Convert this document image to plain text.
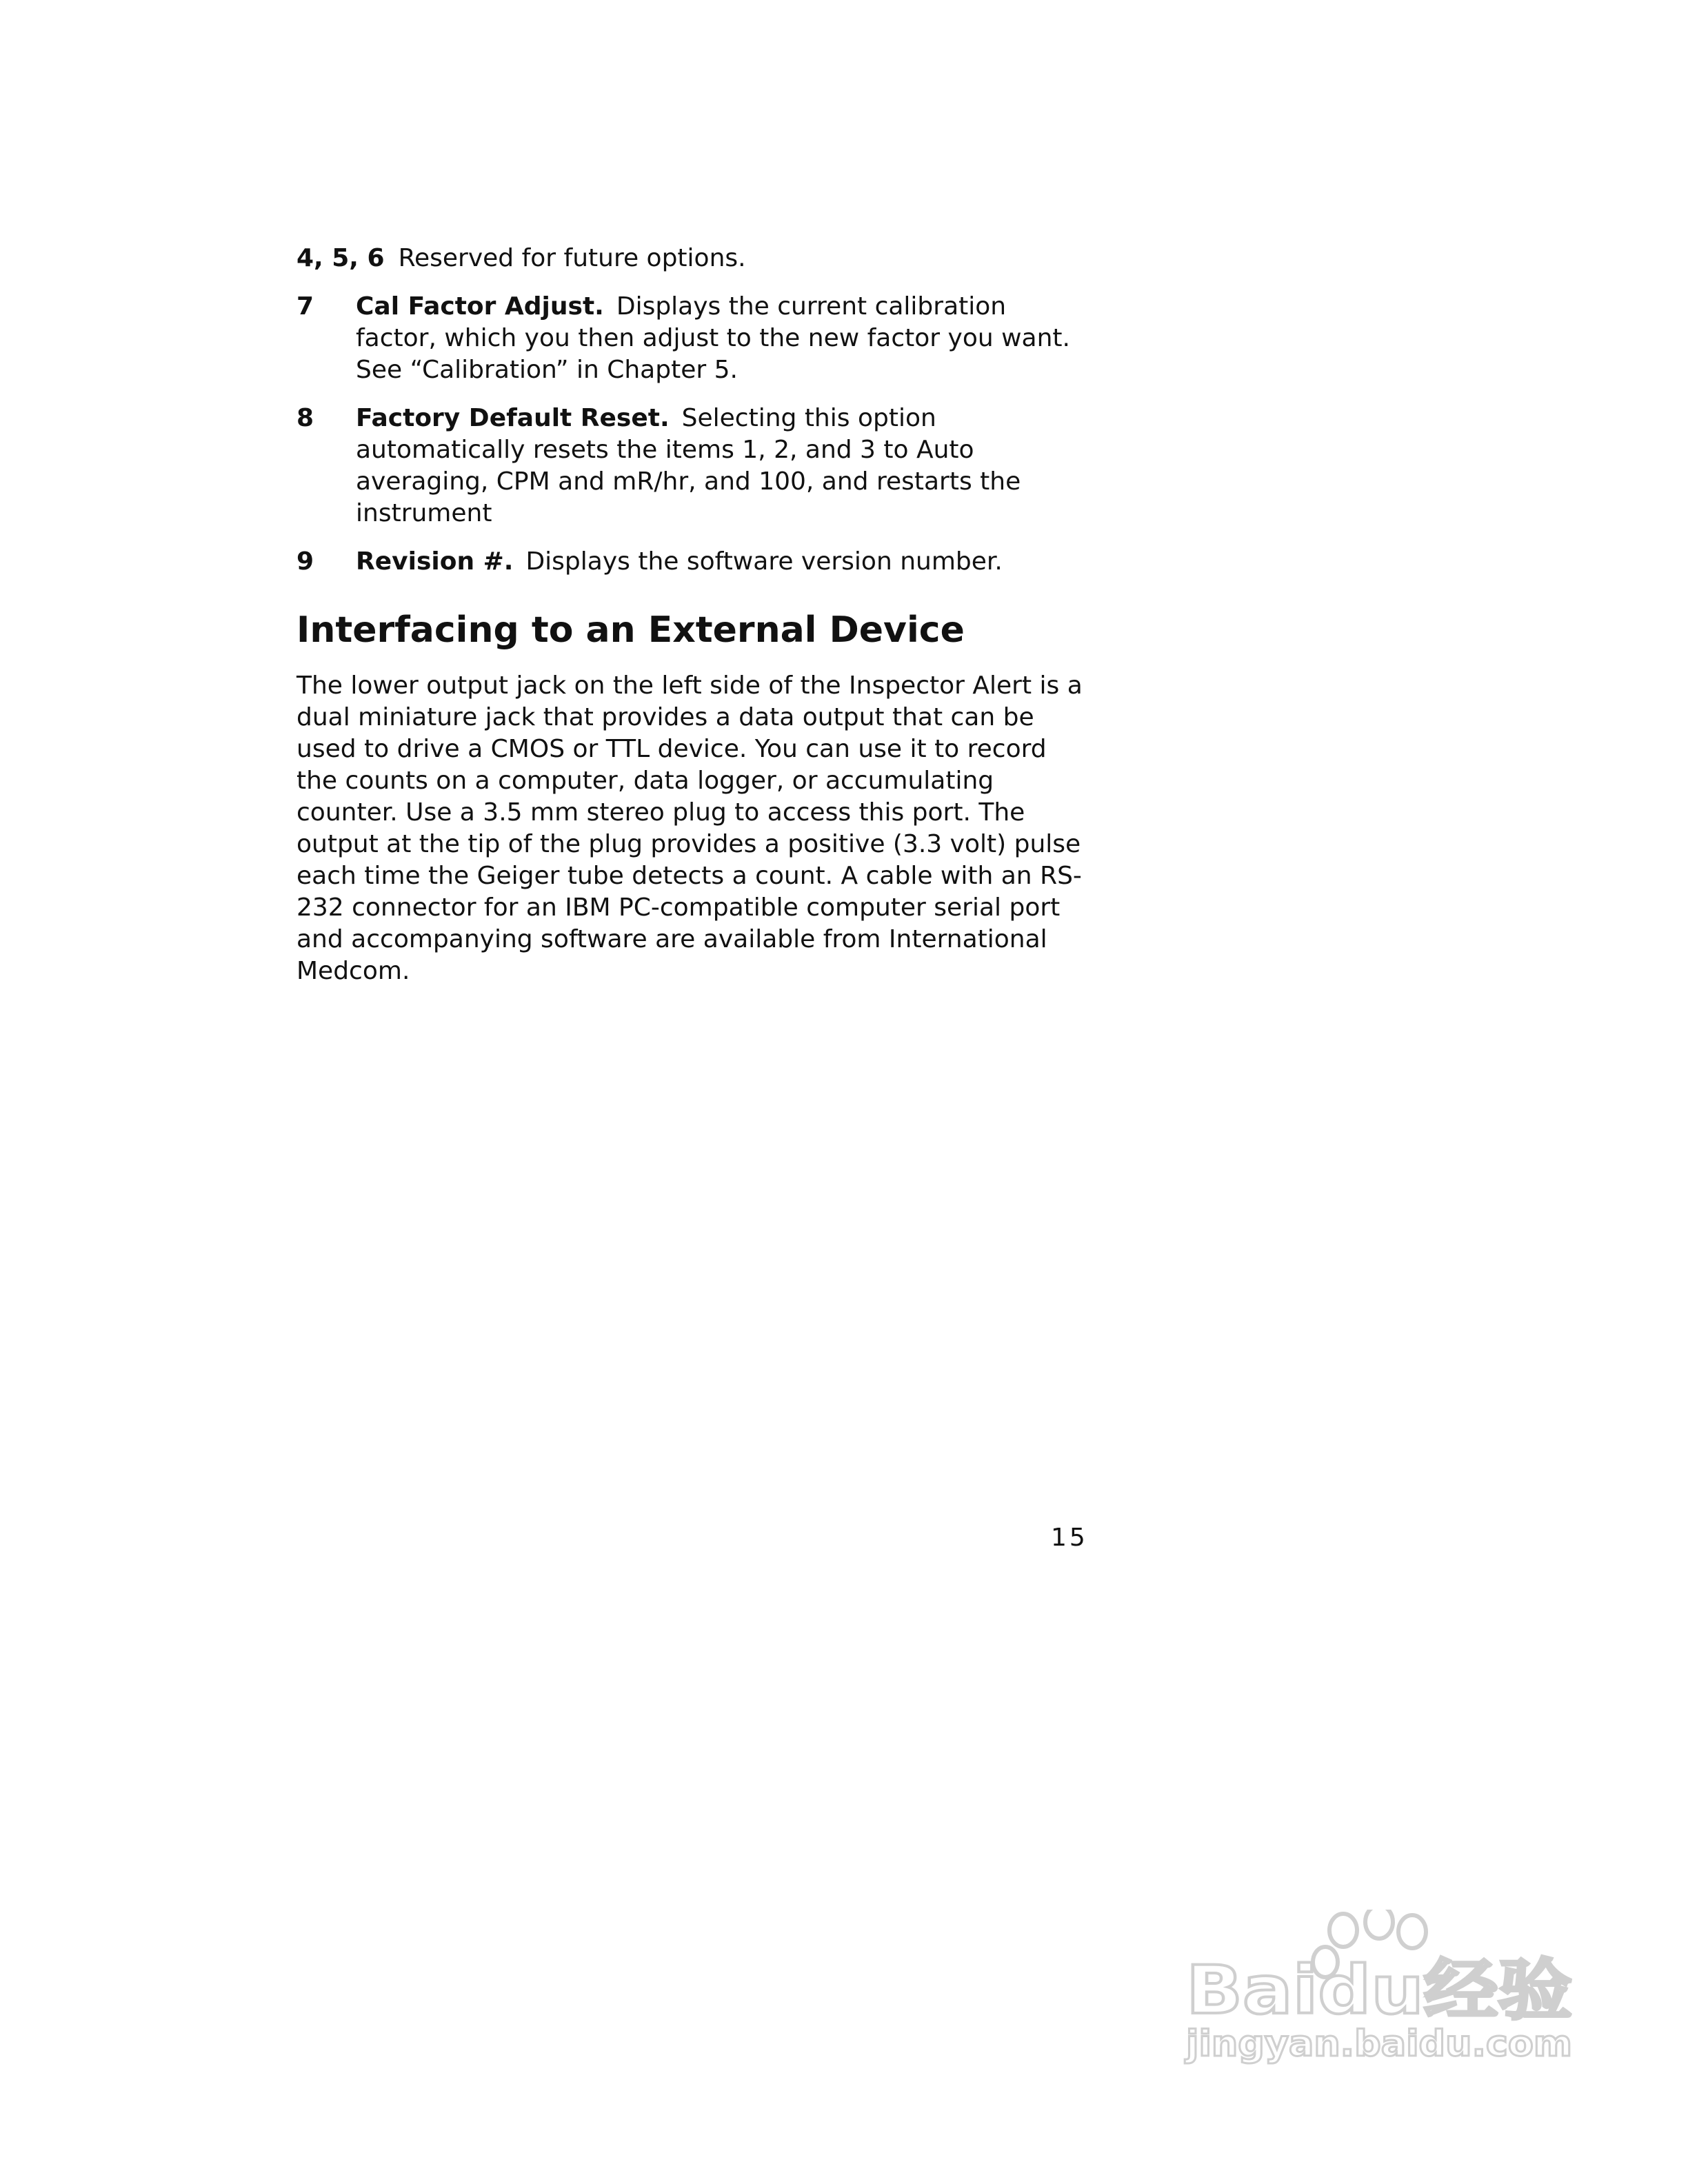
4, 5, 6 Reserved for future options.
7	Cal Factor Adjust. Displays the current calibration factor, which you then adjust to the new factor you want. See “Calibration” in Chapter 5.
8	Factory Default Reset. Selecting this option automatically resets the items 1, 2, and 3 to Auto averaging, CPM and mR/hr, and 100, and restarts the instrument
9	Revision #. Displays the software version number.
Interfacing to an External Device

The lower output jack on the left side of the Inspector Alert is a dual miniature jack that provides a data output that can be used to drive a CMOS or TTL device. You can use it to record the counts on a computer, data logger, or accumulating counter. Use a 3.5 mm stereo plug to access this port. The output at the tip of the plug provides a positive (3.3 volt) pulse each time the Geiger tube detects a count. A cable with an RS-232 connector for an IBM PC-compatible computer serial port and accompanying software are available from International Medcom.

15
Baidu经验
jingyan.baidu.com
